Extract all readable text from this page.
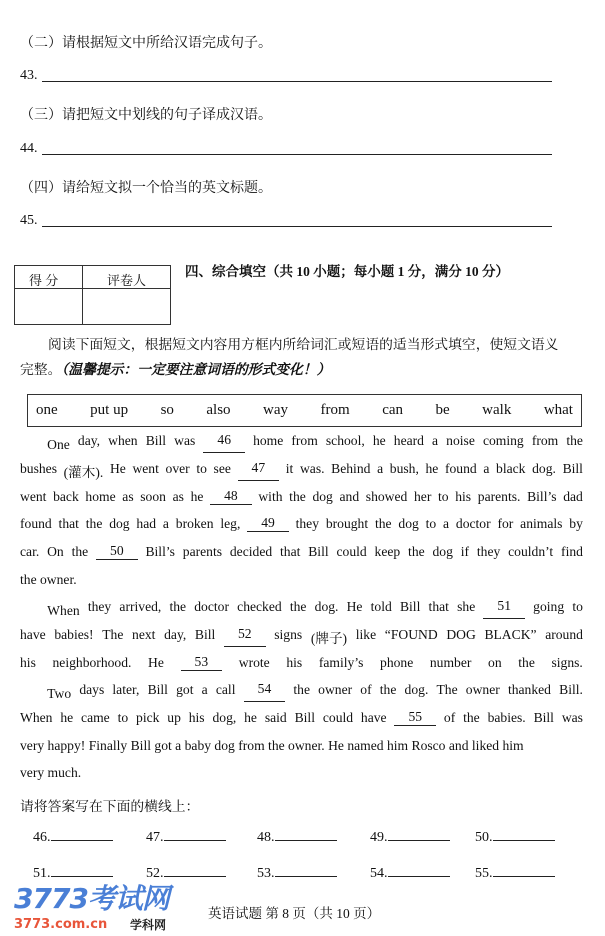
（二）请根据短文中所给汉语完成句子。
43.
（三）请把短文中划线的句子译成汉语。
44.
（四）请给短文拟一个恰当的英文标题。
45.
得 分	评卷人
四、综合填空（共 10 小题；每小题 1 分，满分 10 分）
阅读下面短文，根据短文内容用方框内所给词汇或短语的适当形式填空，使短文语义
完整。（温馨提示：一定要注意词语的形式变化！）
one put up so also way from can be walk what
　　One day, when Bill was	46	home from school, he heard a noise coming from the
bushes (灌木). He went over to see	47	it was. Behind a bush, he found a black dog. Bill
went back home as soon as he	48	with the dog and showed her to his parents. Bill’s dad
found that the dog had a broken leg,	49	they brought the dog to a doctor for animals by
car. On the	50	Bill’s parents decided that Bill could keep the dog if they couldn’t find
the owner.
　　When they arrived, the doctor checked the dog. He told Bill that she	51	going to
have babies! The next day, Bill	52	signs (牌子) like “FOUND DOG BLACK” around
his neighborhood. He	53	wrote his family’s phone number on the signs.
　　Two days later, Bill got a call	54	the owner of the dog. The owner thanked Bill.
When he came to pick up his dog, he said Bill could have	55	of the babies. Bill was
very happy! Finally Bill got a baby dog from the owner. He named him Rosco and liked him
very much.
请将答案写在下面的横线上：
46.	47.	48.	49.	50.
51.	52.	53.	54.	55.
英语试题 第 8 页（共 10 页）
3773考试网
3773.com.cn 学科网
